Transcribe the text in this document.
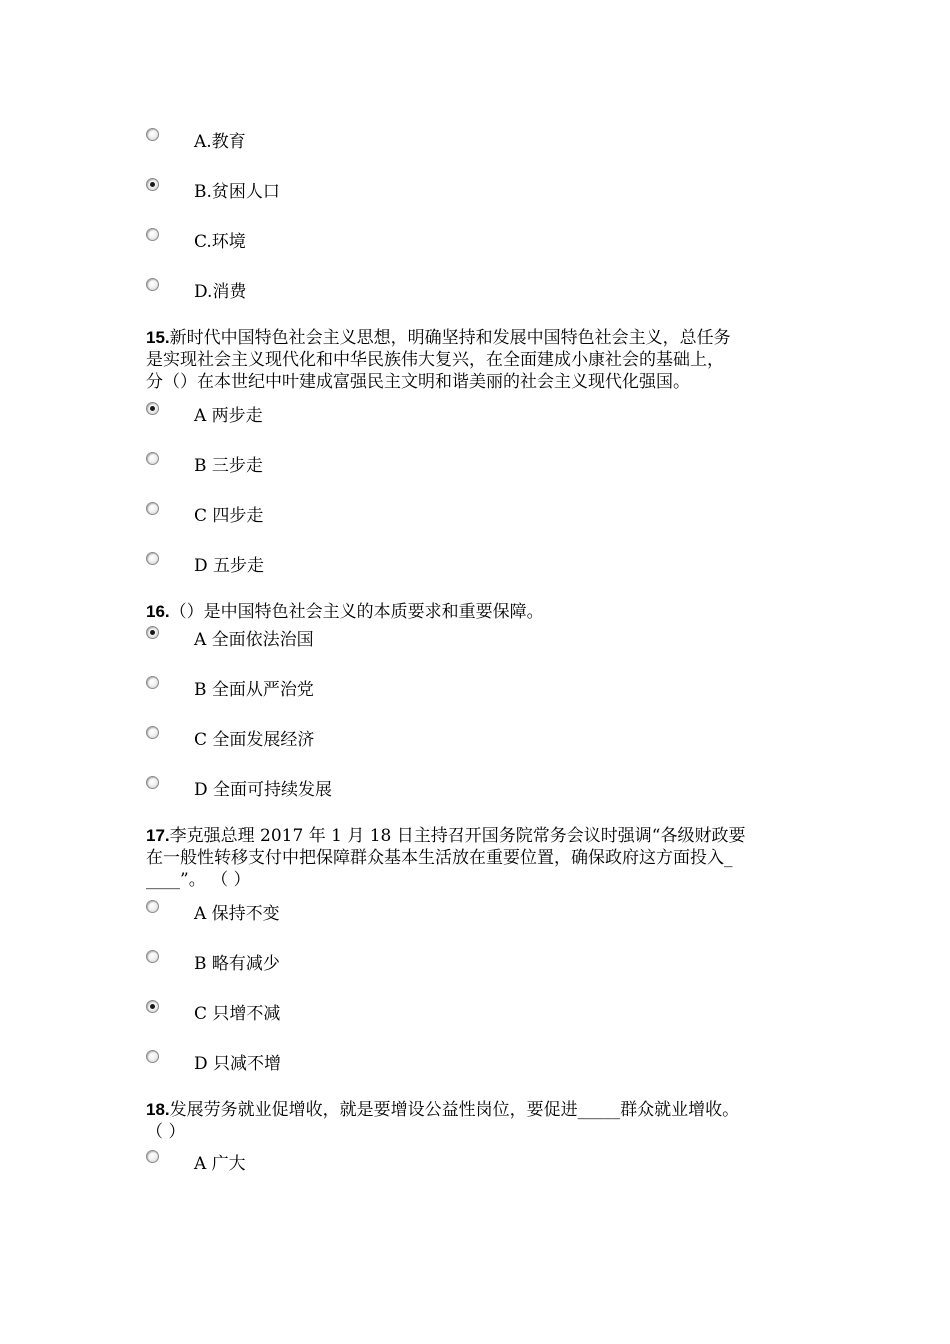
A.教育
B.贫困人口
C.环境
D.消费
15.新时代中国特色社会主义思想，明确坚持和发展中国特色社会主义，总任务
是实现社会主义现代化和中华民族伟大复兴，在全面建成小康社会的基础上，
分（）在本世纪中叶建成富强民主文明和谐美丽的社会主义现代化强国。
A 两步走
B 三步走
C 四步走
D 五步走
16.（）是中国特色社会主义的本质要求和重要保障。
A 全面依法治国
B 全面从严治党
C 全面发展经济
D 全面可持续发展
17.李克强总理 2017 年 1 月 18 日主持召开国务院常务会议时强调“各级财政要
在一般性转移支付中把保障群众基本生活放在重要位置，确保政府这方面投入_
____”。 （ ）
A 保持不变
B 略有减少
C 只增不减
D 只减不增
18.发展劳务就业促增收，就是要增设公益性岗位，要促进_____群众就业增收。
（ ）
A 广大
